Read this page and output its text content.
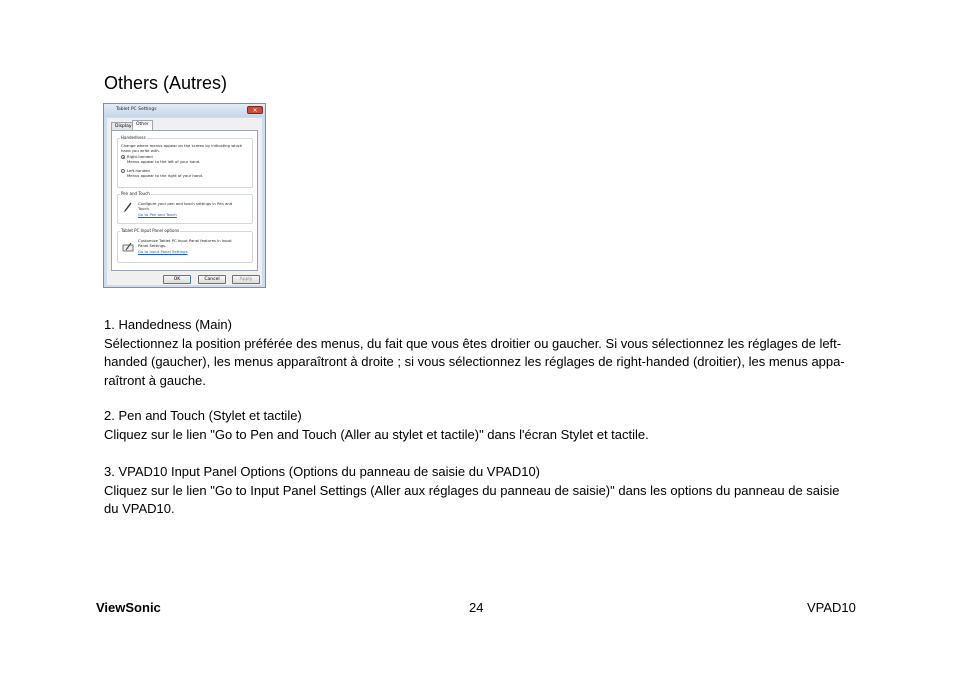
Others (Autres)
Tablet PC Settings	×
Display Other
Handedness
Change where menus appear on the screen by indicating which
hand you write with.
Right-handed
Menus appear to the left of your hand.
Left-handed
Menus appear to the right of your hand.
Pen and Touch
Configure your pen and touch settings in Pen and
Touch.
Go to Pen and Touch
Tablet PC Input Panel options
Customize Tablet PC Input Panel features in Input
Panel Settings.
Go to Input Panel Settings
OK	Cancel	Apply
1. Handedness (Main)
Sélectionnez la position préférée des menus, du fait que vous êtes droitier ou gaucher. Si vous sélectionnez les réglages de left-
handed (gaucher), les menus apparaîtront à droite ; si vous sélectionnez les réglages de right-handed (droitier), les menus appa-
raîtront à gauche.
2. Pen and Touch (Stylet et tactile)
Cliquez sur le lien "Go to Pen and Touch (Aller au stylet et tactile)" dans l'écran Stylet et tactile.
3. VPAD10 Input Panel Options (Options du panneau de saisie du VPAD10)
Cliquez sur le lien "Go to Input Panel Settings (Aller aux réglages du panneau de saisie)" dans les options du panneau de saisie
du VPAD10.
ViewSonic	24	VPAD10
